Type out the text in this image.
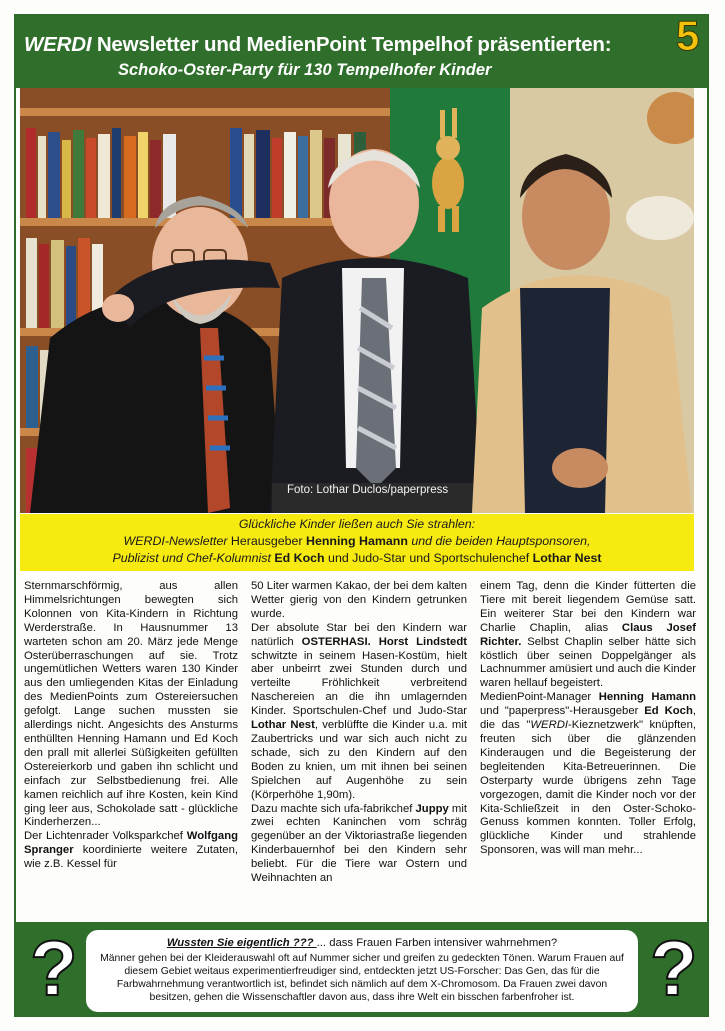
WERDI Newsletter und MedienPoint Tempelhof präsentierten:
Schoko-Oster-Party für 130 Tempelhofer Kinder
5
Foto: Lothar Duclos/paperpress
Glückliche Kinder ließen auch Sie strahlen:
WERDI-Newsletter Herausgeber Henning Hamann und die beiden Hauptsponsoren,
Publizist und Chef-Kolumnist Ed Koch und Judo-Star und Sportschulenchef Lothar Nest

Sternmarschförmig, aus allen Himmelsrichtungen bewegten sich Kolonnen von Kita-Kindern in Richtung Werderstraße. In Hausnummer 13 warteten schon am 20. März jede Menge Osterüberraschungen auf sie. Trotz ungemütlichen Wetters waren 130 Kinder aus den umliegenden Kitas der Einladung des MedienPoints zum Ostereiersuchen gefolgt. Lange suchen mussten sie allerdings nicht. Angesichts des Ansturms enthüllten Henning Hamann und Ed Koch den prall mit allerlei Süßigkeiten gefüllten Ostereierkorb und gaben ihn schlicht und einfach zur Selbstbedienung frei. Alle kamen reichlich auf ihre Kosten, kein Kind ging leer aus, Schokolade satt - glückliche Kinderherzen...

Der Lichtenrader Volksparkchef Wolfgang Spranger koordinierte weitere Zutaten, wie z.B. Kessel für

50 Liter warmen Kakao, der bei dem kalten Wetter gierig von den Kindern getrunken wurde.

Der absolute Star bei den Kindern war natürlich OSTERHASI. Horst Lindstedt schwitzte in seinem Hasen-Kostüm, hielt aber unbeirrt zwei Stunden durch und verteilte Fröhlichkeit verbreitend Naschereien an die ihn umlagernden Kinder. Sportschulen-Chef und Judo-Star Lothar Nest, verblüffte die Kinder u.a. mit Zaubertricks und war sich auch nicht zu schade, sich zu den Kindern auf den Boden zu knien, um mit ihnen bei seinen Spielchen auf Augenhöhe zu sein (Körperhöhe 1,90m).

Dazu machte sich ufa-fabrikchef Juppy mit zwei echten Kaninchen vom schräg gegenüber an der Viktoriastraße liegenden Kinderbauernhof bei den Kindern sehr beliebt. Für die Tiere war Ostern und Weihnachten an

einem Tag, denn die Kinder fütterten die Tiere mit bereit liegendem Gemüse satt. Ein weiterer Star bei den Kindern war Charlie Chaplin, alias Claus Josef Richter. Selbst Chaplin selber hätte sich köstlich über seinen Doppelgänger als Lachnummer amüsiert und auch die Kinder waren hellauf begeistert.

MedienPoint-Manager Henning Hamann und "paperpress"-Herausgeber Ed Koch, die das "WERDI-Kieznetzwerk" knüpften, freuten sich über die glänzenden Kinderaugen und die Begeisterung der begleitenden Kita-Betreuerinnen. Die Osterparty wurde übrigens zehn Tage vorgezogen, damit die Kinder noch vor der Kita-Schließzeit in den Oster-Schoko-Genuss kommen konnten. Toller Erfolg, glückliche Kinder und strahlende Sponsoren, was will man mehr...

?	?
Wussten Sie eigentlich ??? ... dass Frauen Farben intensiver wahrnehmen?
Männer gehen bei der Kleiderauswahl oft auf Nummer sicher und greifen zu gedeckten Tönen. Warum Frauen auf diesem Gebiet weitaus experimentierfreudiger sind, entdeckten jetzt US-Forscher: Das Gen, das für die Farbwahrnehmung verantwortlich ist, befindet sich nämlich auf dem X-Chromosom. Da Frauen zwei davon besitzen, gehen die Wissenschaftler davon aus, dass ihre Welt ein bisschen farbenfroher ist.
